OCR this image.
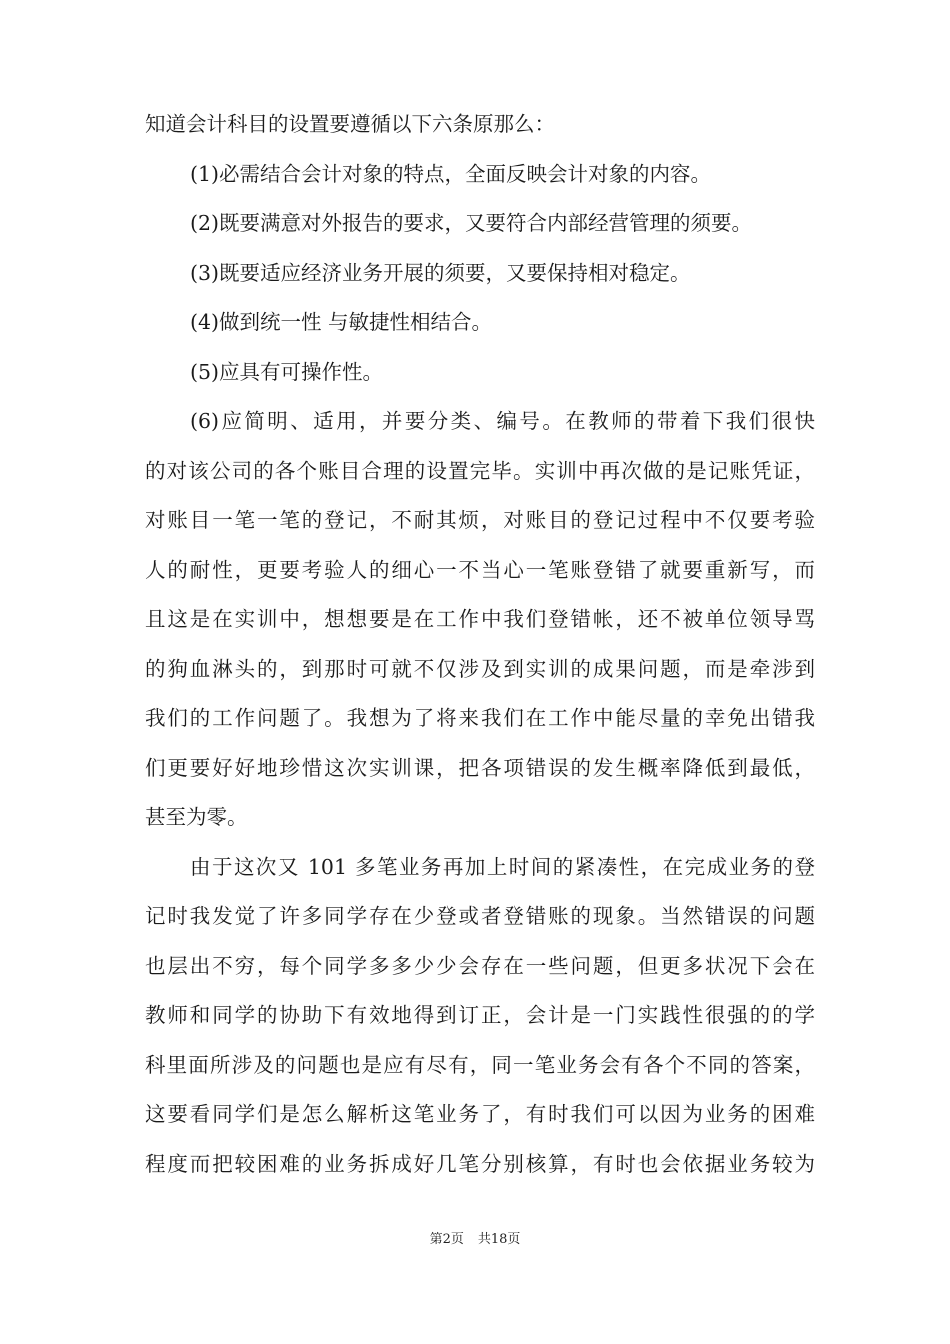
知道会计科目的设置要遵循以下六条原那么：
(1)必需结合会计对象的特点，全面反映会计对象的内容。
(2)既要满意对外报告的要求，又要符合内部经营管理的须要。
(3)既要适应经济业务开展的须要，又要保持相对稳定。
(4)做到统一性 与敏捷性相结合。
(5)应具有可操作性。
(6)应简明、适用，并要分类、编号。在教师的带着下我们很快
的对该公司的各个账目合理的设置完毕。实训中再次做的是记账凭证，
对账目一笔一笔的登记，不耐其烦，对账目的登记过程中不仅要考验
人的耐性，更要考验人的细心一不当心一笔账登错了就要重新写，而
且这是在实训中，想想要是在工作中我们登错帐，还不被单位领导骂
的狗血淋头的，到那时可就不仅涉及到实训的成果问题，而是牵涉到
我们的工作问题了。我想为了将来我们在工作中能尽量的幸免出错我
们更要好好地珍惜这次实训课，把各项错误的发生概率降低到最低，
甚至为零。
由于这次又 101 多笔业务再加上时间的紧凑性，在完成业务的登
记时我发觉了许多同学存在少登或者登错账的现象。当然错误的问题
也层出不穷，每个同学多多少少会存在一些问题，但更多状况下会在
教师和同学的协助下有效地得到订正，会计是一门实践性很强的的学
科里面所涉及的问题也是应有尽有，同一笔业务会有各个不同的答案，
这要看同学们是怎么解析这笔业务了，有时我们可以因为业务的困难
程度而把较困难的业务拆成好几笔分别核算，有时也会依据业务较为
第2页 共18页
